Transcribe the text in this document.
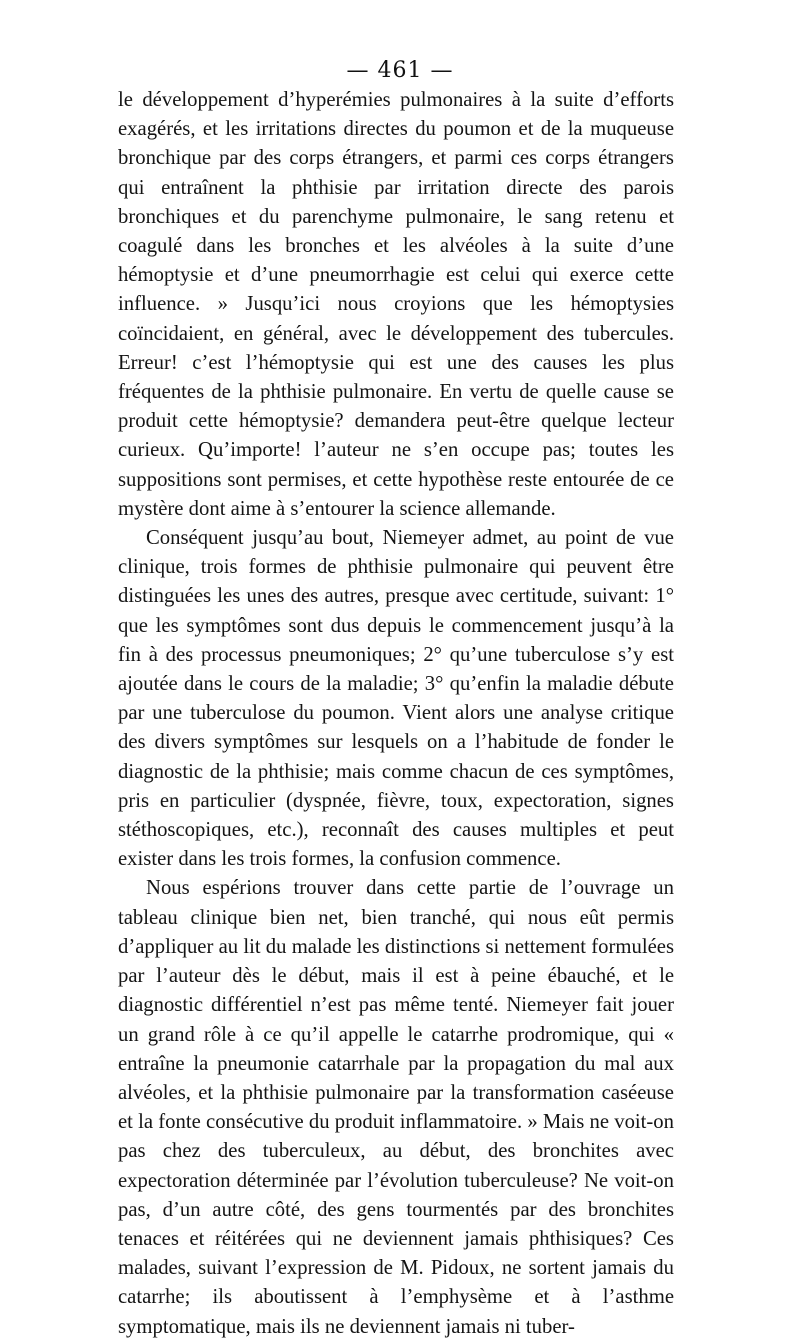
— 461 —

le développement d’hyperémies pulmonaires à la suite d’efforts exagérés, et les irritations directes du poumon et de la muqueuse bronchique par des corps étrangers, et parmi ces corps étrangers qui entraînent la phthisie par irritation directe des parois bronchiques et du parenchyme pulmonaire, le sang retenu et coagulé dans les bronches et les alvéoles à la suite d’une hémoptysie et d’une pneumorrhagie est celui qui exerce cette influence. » Jusqu’ici nous croyions que les hémoptysies coïncidaient, en général, avec le développement des tubercules. Erreur! c’est l’hémoptysie qui est une des causes les plus fréquentes de la phthisie pulmonaire. En vertu de quelle cause se produit cette hémoptysie? demandera peut-être quelque lecteur curieux. Qu’importe! l’auteur ne s’en occupe pas; toutes les suppositions sont permises, et cette hypothèse reste entourée de ce mystère dont aime à s’entourer la science allemande.

Conséquent jusqu’au bout, Niemeyer admet, au point de vue clinique, trois formes de phthisie pulmonaire qui peuvent être distinguées les unes des autres, presque avec certitude, suivant: 1° que les symptômes sont dus depuis le commencement jusqu’à la fin à des processus pneumoniques; 2° qu’une tuberculose s’y est ajoutée dans le cours de la maladie; 3° qu’enfin la maladie débute par une tuberculose du poumon. Vient alors une analyse critique des divers symptômes sur lesquels on a l’habitude de fonder le diagnostic de la phthisie; mais comme chacun de ces symptômes, pris en particulier (dyspnée, fièvre, toux, expectoration, signes stéthoscopiques, etc.), reconnaît des causes multiples et peut exister dans les trois formes, la confusion commence.

Nous espérions trouver dans cette partie de l’ouvrage un tableau clinique bien net, bien tranché, qui nous eût permis d’appliquer au lit du malade les distinctions si nettement formulées par l’auteur dès le début, mais il est à peine ébauché, et le diagnostic différentiel n’est pas même tenté. Niemeyer fait jouer un grand rôle à ce qu’il appelle le catarrhe prodromique, qui « entraîne la pneumonie catarrhale par la propagation du mal aux alvéoles, et la phthisie pulmonaire par la transformation caséeuse et la fonte consécutive du produit inflammatoire. » Mais ne voit-on pas chez des tuberculeux, au début, des bronchites avec expectoration déterminée par l’évolution tuberculeuse? Ne voit-on pas, d’un autre côté, des gens tourmentés par des bronchites tenaces et réitérées qui ne deviennent jamais phthisiques? Ces malades, suivant l’expression de M. Pidoux, ne sortent jamais du catarrhe; ils aboutissent à l’emphysème et à l’asthme symptomatique, mais ils ne deviennent jamais ni tuber-
